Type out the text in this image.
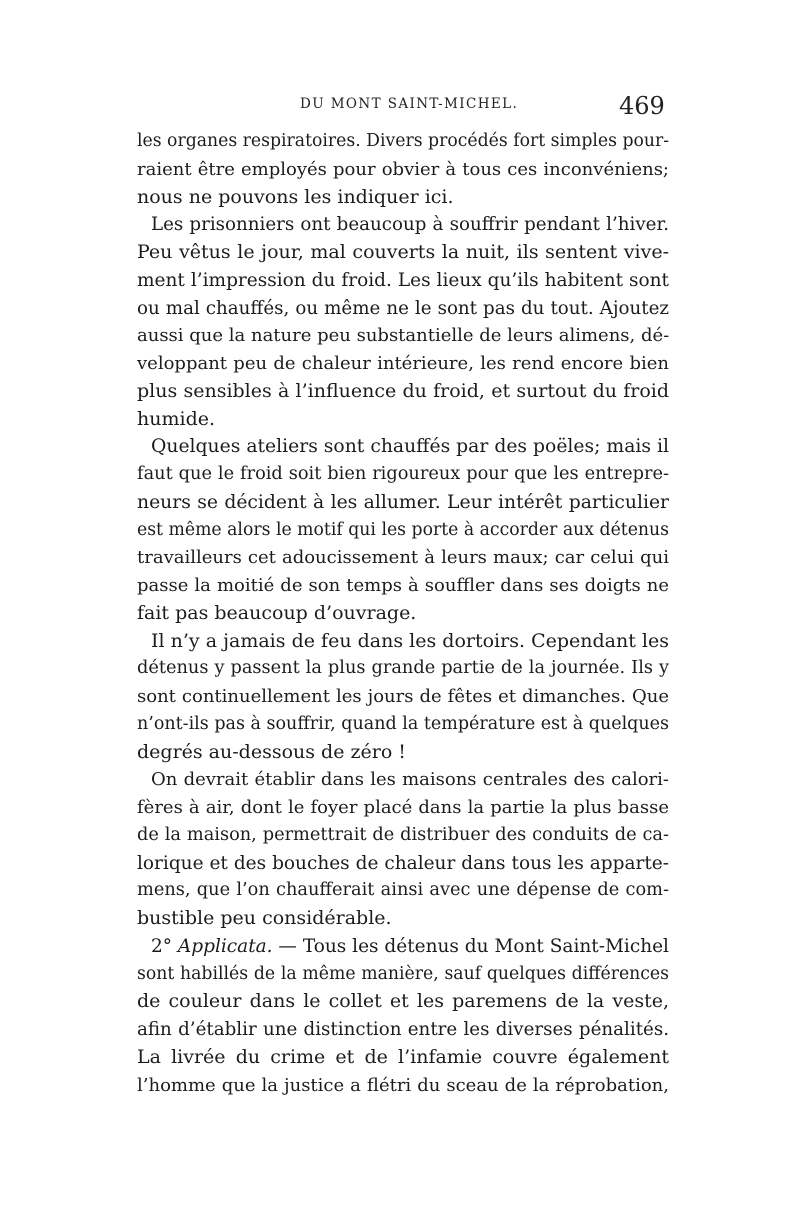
DU MONT SAINT-MICHEL.	469
les organes respiratoires. Divers procédés fort simples pour-
raient être employés pour obvier à tous ces inconvéniens;
nous ne pouvons les indiquer ici.
Les prisonniers ont beaucoup à souffrir pendant l’hiver.
Peu vêtus le jour, mal couverts la nuit, ils sentent vive-
ment l’impression du froid. Les lieux qu’ils habitent sont
ou mal chauffés, ou même ne le sont pas du tout. Ajoutez
aussi que la nature peu substantielle de leurs alimens, dé-
veloppant peu de chaleur intérieure, les rend encore bien
plus sensibles à l’influence du froid, et surtout du froid
humide.
Quelques ateliers sont chauffés par des poëles; mais il
faut que le froid soit bien rigoureux pour que les entrepre-
neurs se décident à les allumer. Leur intérêt particulier
est même alors le motif qui les porte à accorder aux détenus
travailleurs cet adoucissement à leurs maux; car celui qui
passe la moitié de son temps à souffler dans ses doigts ne
fait pas beaucoup d’ouvrage.
Il n’y a jamais de feu dans les dortoirs. Cependant les
détenus y passent la plus grande partie de la journée. Ils y
sont continuellement les jours de fêtes et dimanches. Que
n’ont-ils pas à souffrir, quand la température est à quelques
degrés au-dessous de zéro !
On devrait établir dans les maisons centrales des calori-
fères à air, dont le foyer placé dans la partie la plus basse
de la maison, permettrait de distribuer des conduits de ca-
lorique et des bouches de chaleur dans tous les apparte-
mens, que l’on chaufferait ainsi avec une dépense de com-
bustible peu considérable.
2° Applicata. — Tous les détenus du Mont Saint-Michel
sont habillés de la même manière, sauf quelques différences
de couleur dans le collet et les paremens de la veste,
afin d’établir une distinction entre les diverses pénalités.
La livrée du crime et de l’infamie couvre également
l’homme que la justice a flétri du sceau de la réprobation,
